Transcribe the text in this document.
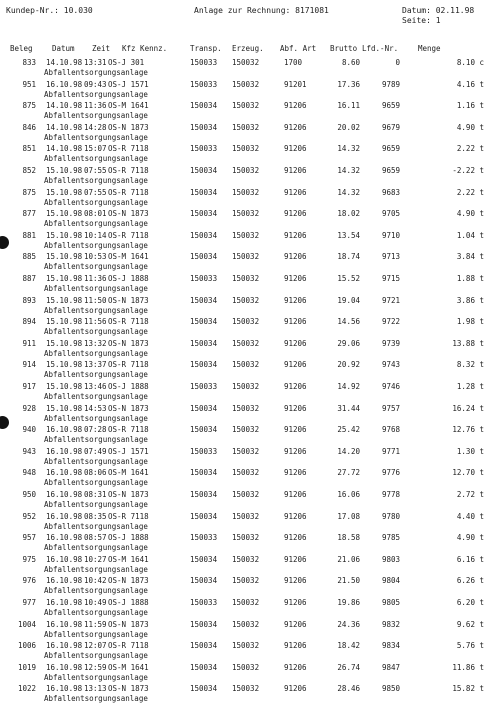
Kundep-Nr.: 10.030	Anlage zur Rechnung: 8171081	Datum: 02.11.98
Seite: 1
Beleg	Datum Zeit Kfz Kennz.	Transp. Erzeug. Abf. Art Brutto Lfd.-Nr.	Menge
833 14.10.98 13:31 OS-J 301	150033 150032	1700	8.60	0	8.10 c
Abfallentsorgungsanlage
951 16.10.98 09:43 OS-J 1571	150033 150032	91201	17.36	9789	4.16 t
Abfallentsorgungsanlage
875 14.10.98 11:36 OS-M 1641	150034 150032	91206	16.11	9659	1.16 t
Abfallentsorgungsanlage
846 14.10.98 14:28 OS-N 1873	150034 150032	91206	20.02	9679	4.90 t
Abfallentsorgungsanlage
851 14.10.98 15:07 OS-R 7118	150033 150032	91206	14.32	9659	2.22 t
Abfallentsorgungsanlage
852 15.10.98 07:55 OS-R 7118	150034 150032	91206	14.32	9659	-2.22 t
Abfallentsorgungsanlage
875 15.10.98 07:55 OS-R 7118	150034 150032	91206	14.32	9683	2.22 t
Abfallentsorgungsanlage
877 15.10.98 08:01 OS-N 1873	150034 150032	91206	18.02	9705	4.90 t
Abfallentsorgungsanlage
881 15.10.98 10:14 OS-R 7118	150034 150032	91206	13.54	9710	1.04 t
Abfallentsorgungsanlage
885 15.10.98 10:53 OS-M 1641	150034 150032	91206	18.74	9713	3.84 t
Abfallentsorgungsanlage
887 15.10.98 11:36 OS-J 1888	150033 150032	91206	15.52	9715	1.88 t
Abfallentsorgungsanlage
893 15.10.98 11:50 OS-N 1873	150034 150032	91206	19.04	9721	3.86 t
Abfallentsorgungsanlage
894 15.10.98 11:56 OS-R 7118	150034 150032	91206	14.56	9722	1.98 t
Abfallentsorgungsanlage
911 15.10.98 13:32 OS-N 1873	150034 150032	91206	29.06	9739	13.88 t
Abfallentsorgungsanlage
914 15.10.98 13:37 OS-R 7118	150034 150032	91206	20.92	9743	8.32 t
Abfallentsorgungsanlage
917 15.10.98 13:46 OS-J 1888	150033 150032	91206	14.92	9746	1.28 t
Abfallentsorgungsanlage
928 15.10.98 14:53 OS-N 1873	150034 150032	91206	31.44	9757	16.24 t
Abfallentsorgungsanlage
940 16.10.98 07:28 OS-R 7118	150034 150032	91206	25.42	9768	12.76 t
Abfallentsorgungsanlage
943 16.10.98 07:49 OS-J 1571	150033 150032	91206	14.20	9771	1.30 t
Abfallentsorgungsanlage
948 16.10.98 08:06 OS-M 1641	150034 150032	91206	27.72	9776	12.70 t
Abfallentsorgungsanlage
950 16.10.98 08:31 OS-N 1873	150034 150032	91206	16.06	9778	2.72 t
Abfallentsorgungsanlage
952 16.10.98 08:35 OS-R 7118	150034 150032	91206	17.08	9780	4.40 t
Abfallentsorgungsanlage
957 16.10.98 08:57 OS-J 1888	150033 150032	91206	18.58	9785	4.90 t
Abfallentsorgungsanlage
975 16.10.98 10:27 OS-M 1641	150034 150032	91206	21.06	9803	6.16 t
Abfallentsorgungsanlage
976 16.10.98 10:42 OS-N 1873	150034 150032	91206	21.50	9804	6.26 t
Abfallentsorgungsanlage
977 16.10.98 10:49 OS-J 1888	150033 150032	91206	19.86	9805	6.20 t
Abfallentsorgungsanlage
1004 16.10.98 11:59 OS-N 1873	150034 150032	91206	24.36	9832	9.62 t
Abfallentsorgungsanlage
1006 16.10.98 12:07 OS-R 7118	150034 150032	91206	18.42	9834	5.76 t
Abfallentsorgungsanlage
1019 16.10.98 12:59 OS-M 1641	150034 150032	91206	26.74	9847	11.86 t
Abfallentsorgungsanlage
1022 16.10.98 13:13 OS-N 1873	150034 150032	91206	28.46	9850	15.82 t
Abfallentsorgungsanlage
